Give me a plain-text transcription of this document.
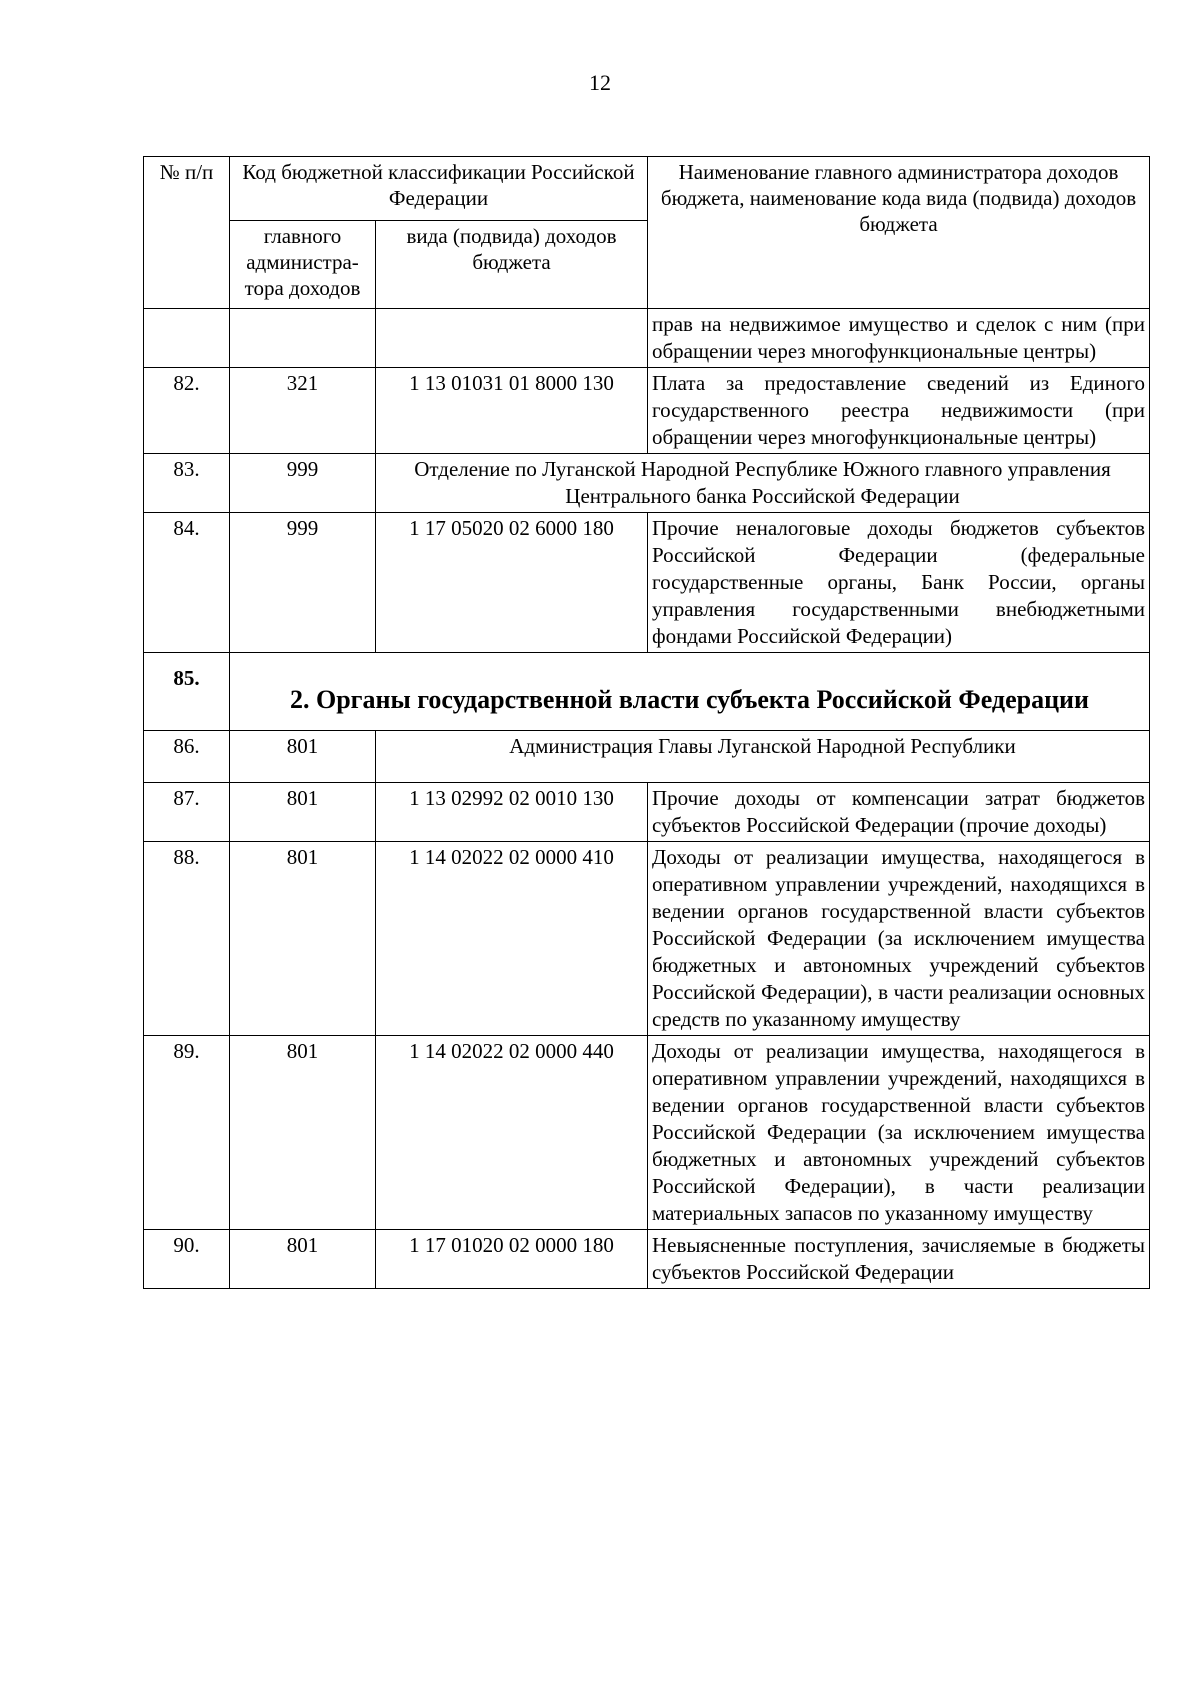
12
№ п/п	Код бюджетной классификации Российской Федерации		Наименование главного администратора доходов бюджета, наименование кода вида (подвида) доходов бюджета
	главного администра-тора доходов	вида (подвида) доходов бюджета	
			прав на недвижимое имущество и сделок с ним (при обращении через многофункциональные центры)
82.	321	1 13 01031 01 8000 130	Плата за предоставление сведений из Единого государственного реестра недвижимости (при обращении через многофункциональные центры)
83.	999	Отделение по Луганской Народной Республике Южного главного управления Центрального банка Российской Федерации	
84.	999	1 17 05020 02 6000 180	Прочие неналоговые доходы бюджетов субъектов Российской Федерации (федеральные государственные органы, Банк России, органы управления государственными внебюджетными фондами Российской Федерации)
85.	2. Органы государственной власти субъекта Российской Федерации		
86.	801	Администрация Главы Луганской Народной Республики	
87.	801	1 13 02992 02 0010 130	Прочие доходы от компенсации затрат бюджетов субъектов Российской Федерации (прочие доходы)
88.	801	1 14 02022 02 0000 410	Доходы от реализации имущества, находящегося в оперативном управлении учреждений, находящихся в ведении органов государственной власти субъектов Российской Федерации (за исключением имущества бюджетных и автономных учреждений субъектов Российской Федерации), в части реализации основных средств по указанному имуществу
89.	801	1 14 02022 02 0000 440	Доходы от реализации имущества, находящегося в оперативном управлении учреждений, находящихся в ведении органов государственной власти субъектов Российской Федерации (за исключением имущества бюджетных и автономных учреждений субъектов Российской Федерации), в части реализации материальных запасов по указанному имуществу
90.	801	1 17 01020 02 0000 180	Невыясненные поступления, зачисляемые в бюджеты субъектов Российской Федерации
